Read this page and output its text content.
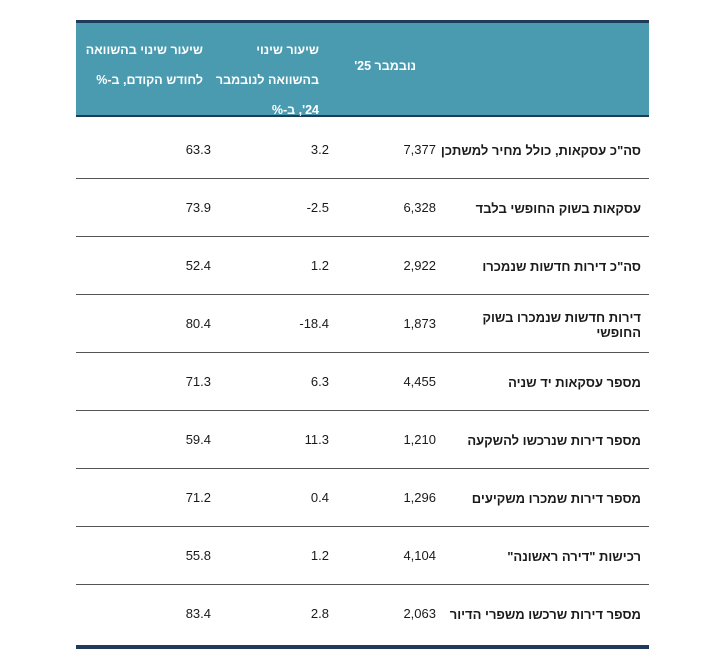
נובמבר 25'
שיעור שינוי בהשוואה לנובמבר 24', ב-%
שיעור שינוי בהשוואה לחודש הקודם, ב-%
סה"כ עסקאות, כולל מחיר למשתכן
7,377
3.2
63.3
עסקאות בשוק החופשי בלבד
6,328
-2.5
73.9
סה"כ דירות חדשות שנמכרו
2,922
1.2
52.4
דירות חדשות שנמכרו בשוק החופשי
1,873
-18.4
80.4
מספר עסקאות יד שניה
4,455
6.3
71.3
מספר דירות שנרכשו להשקעה
1,210
11.3
59.4
מספר דירות שמכרו משקיעים
1,296
0.4
71.2
רכישות "דירה ראשונה"
4,104
1.2
55.8
מספר דירות שרכשו משפרי הדיור
2,063
2.8
83.4
